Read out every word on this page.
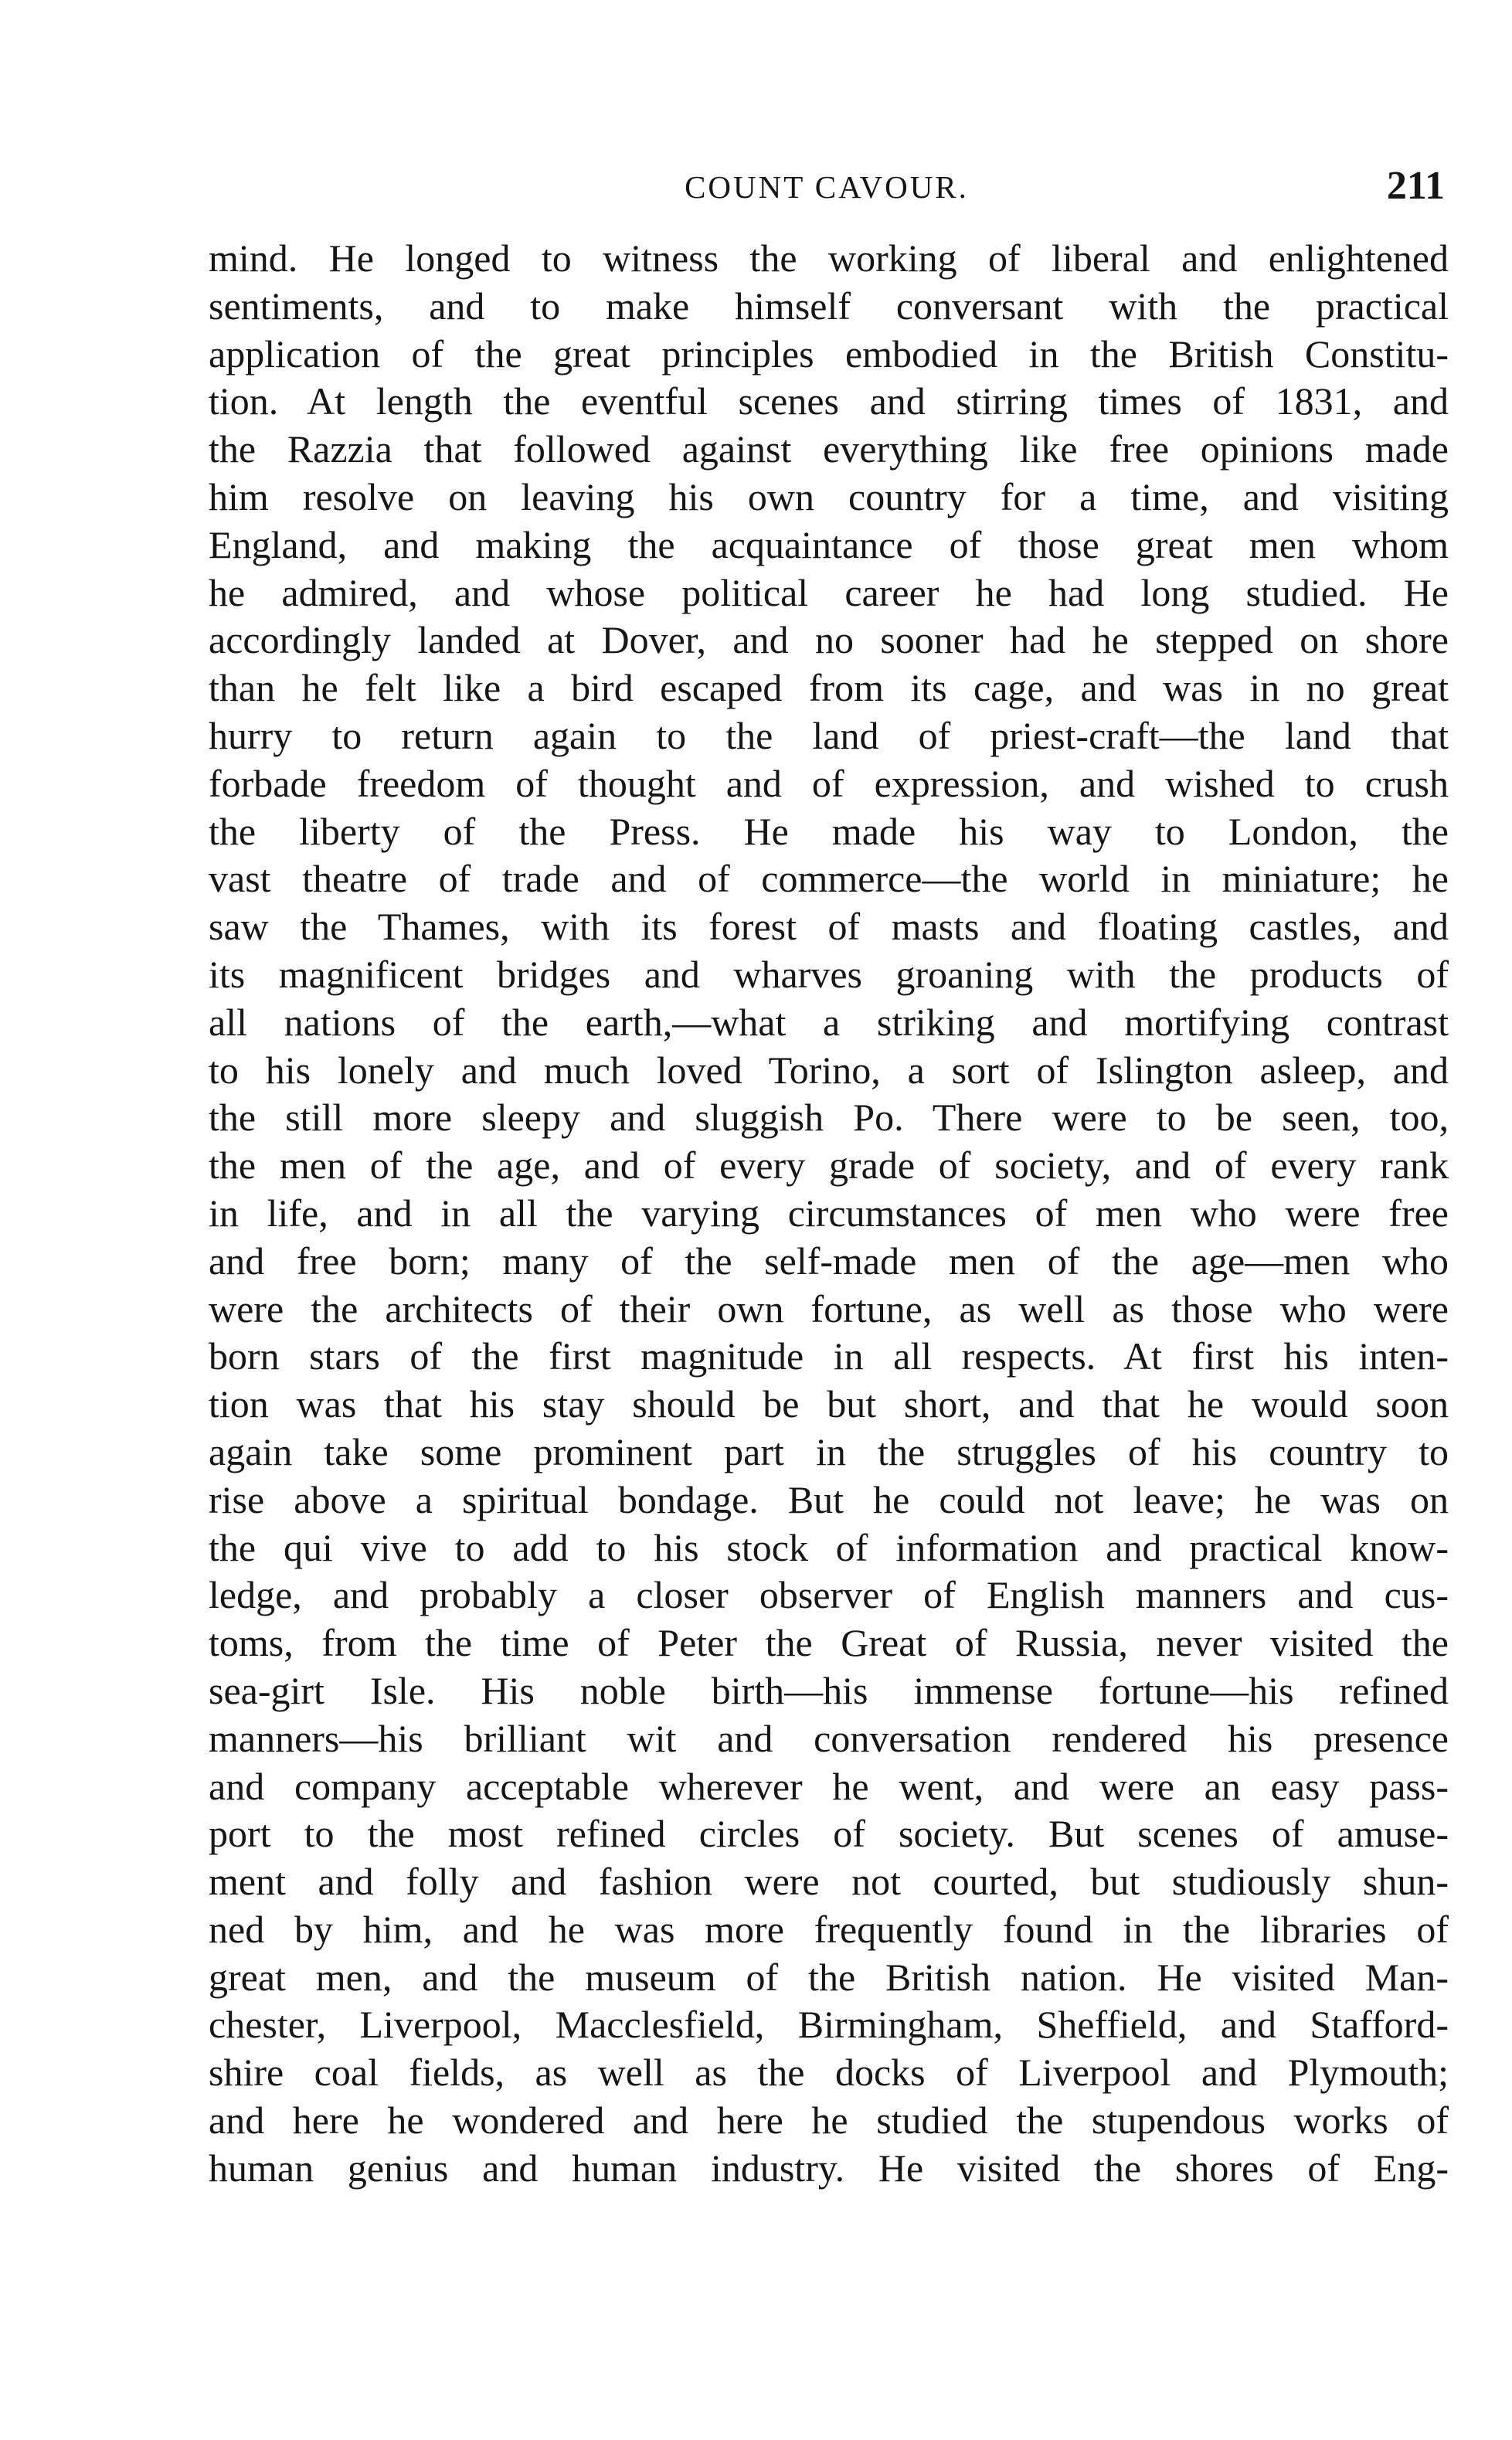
COUNT CAVOUR.	211
mind. He longed to witness the working of liberal and enlightened
sentiments, and to make himself conversant with the practical
application of the great principles embodied in the British Constitu-
tion. At length the eventful scenes and stirring times of 1831, and
the Razzia that followed against everything like free opinions made
him resolve on leaving his own country for a time, and visiting
England, and making the acquaintance of those great men whom
he admired, and whose political career he had long studied. He
accordingly landed at Dover, and no sooner had he stepped on shore
than he felt like a bird escaped from its cage, and was in no great
hurry to return again to the land of priest-craft—the land that
forbade freedom of thought and of expression, and wished to crush
the liberty of the Press. He made his way to London, the
vast theatre of trade and of commerce—the world in miniature; he
saw the Thames, with its forest of masts and floating castles, and
its magnificent bridges and wharves groaning with the products of
all nations of the earth,—what a striking and mortifying contrast
to his lonely and much loved Torino, a sort of Islington asleep, and
the still more sleepy and sluggish Po. There were to be seen, too,
the men of the age, and of every grade of society, and of every rank
in life, and in all the varying circumstances of men who were free
and free born; many of the self-made men of the age—men who
were the architects of their own fortune, as well as those who were
born stars of the first magnitude in all respects. At first his inten-
tion was that his stay should be but short, and that he would soon
again take some prominent part in the struggles of his country to
rise above a spiritual bondage. But he could not leave; he was on
the qui vive to add to his stock of information and practical know-
ledge, and probably a closer observer of English manners and cus-
toms, from the time of Peter the Great of Russia, never visited the
sea-girt Isle. His noble birth—his immense fortune—his refined
manners—his brilliant wit and conversation rendered his presence
and company acceptable wherever he went, and were an easy pass-
port to the most refined circles of society. But scenes of amuse-
ment and folly and fashion were not courted, but studiously shun-
ned by him, and he was more frequently found in the libraries of
great men, and the museum of the British nation. He visited Man-
chester, Liverpool, Macclesfield, Birmingham, Sheffield, and Stafford-
shire coal fields, as well as the docks of Liverpool and Plymouth;
and here he wondered and here he studied the stupendous works of
human genius and human industry. He visited the shores of Eng-
